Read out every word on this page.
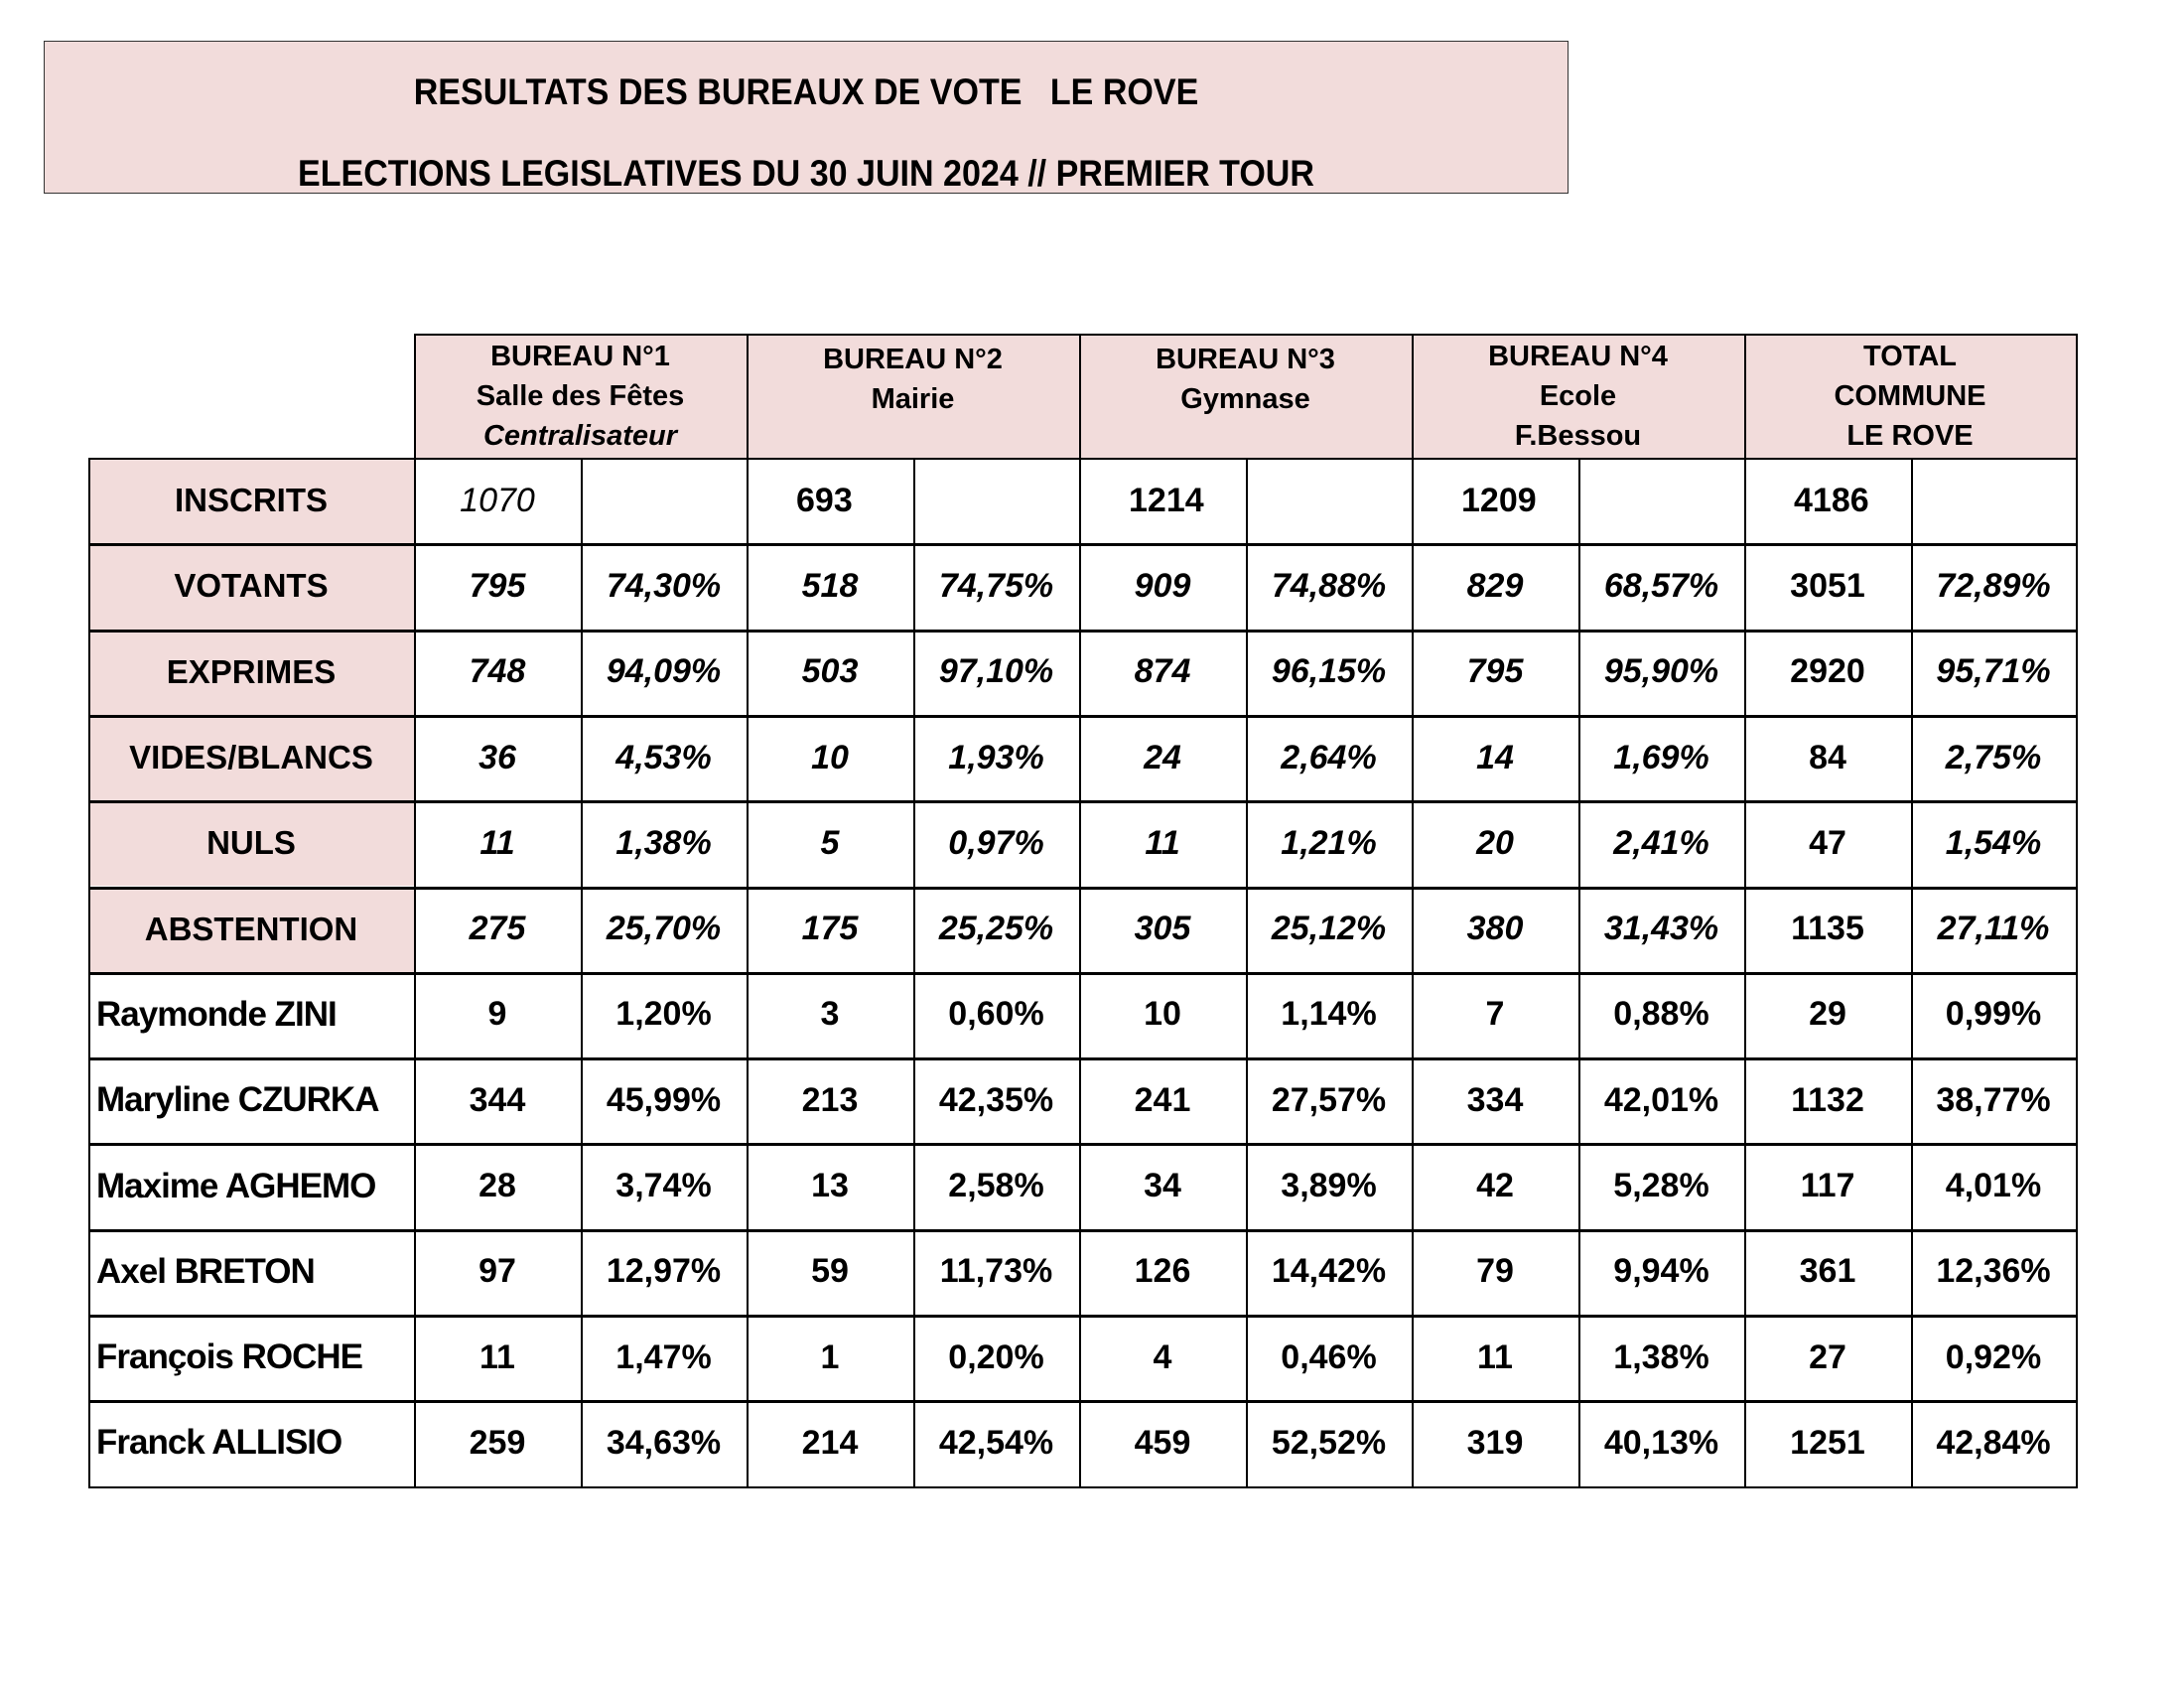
RESULTATS DES BUREAUX DE VOTE   LE ROVE
ELECTIONS LEGISLATIVES DU 30 JUIN 2024 // PREMIER TOUR
BUREAU N°1
Salle des Fêtes
Centralisateur
BUREAU N°2
Mairie
BUREAU N°3
Gymnase
BUREAU N°4
Ecole
F.Bessou
TOTAL
COMMUNE
LE ROVE
INSCRITS	1070	693	1214	1209	4186
VOTANTS	795	74,30%	518	74,75%	909	74,88%	829	68,57%	3051	72,89%
EXPRIMES	748	94,09%	503	97,10%	874	96,15%	795	95,90%	2920	95,71%
VIDES/BLANCS	36	4,53%	10	1,93%	24	2,64%	14	1,69%	84	2,75%
NULS	11	1,38%	5	0,97%	11	1,21%	20	2,41%	47	1,54%
ABSTENTION	275	25,70%	175	25,25%	305	25,12%	380	31,43%	1135	27,11%
Raymonde ZINI	9	1,20%	3	0,60%	10	1,14%	7	0,88%	29	0,99%
Maryline CZURKA	344	45,99%	213	42,35%	241	27,57%	334	42,01%	1132	38,77%
Maxime AGHEMO	28	3,74%	13	2,58%	34	3,89%	42	5,28%	117	4,01%
Axel BRETON	97	12,97%	59	11,73%	126	14,42%	79	9,94%	361	12,36%
François ROCHE	11	1,47%	1	0,20%	4	0,46%	11	1,38%	27	0,92%
Franck ALLISIO	259	34,63%	214	42,54%	459	52,52%	319	40,13%	1251	42,84%
